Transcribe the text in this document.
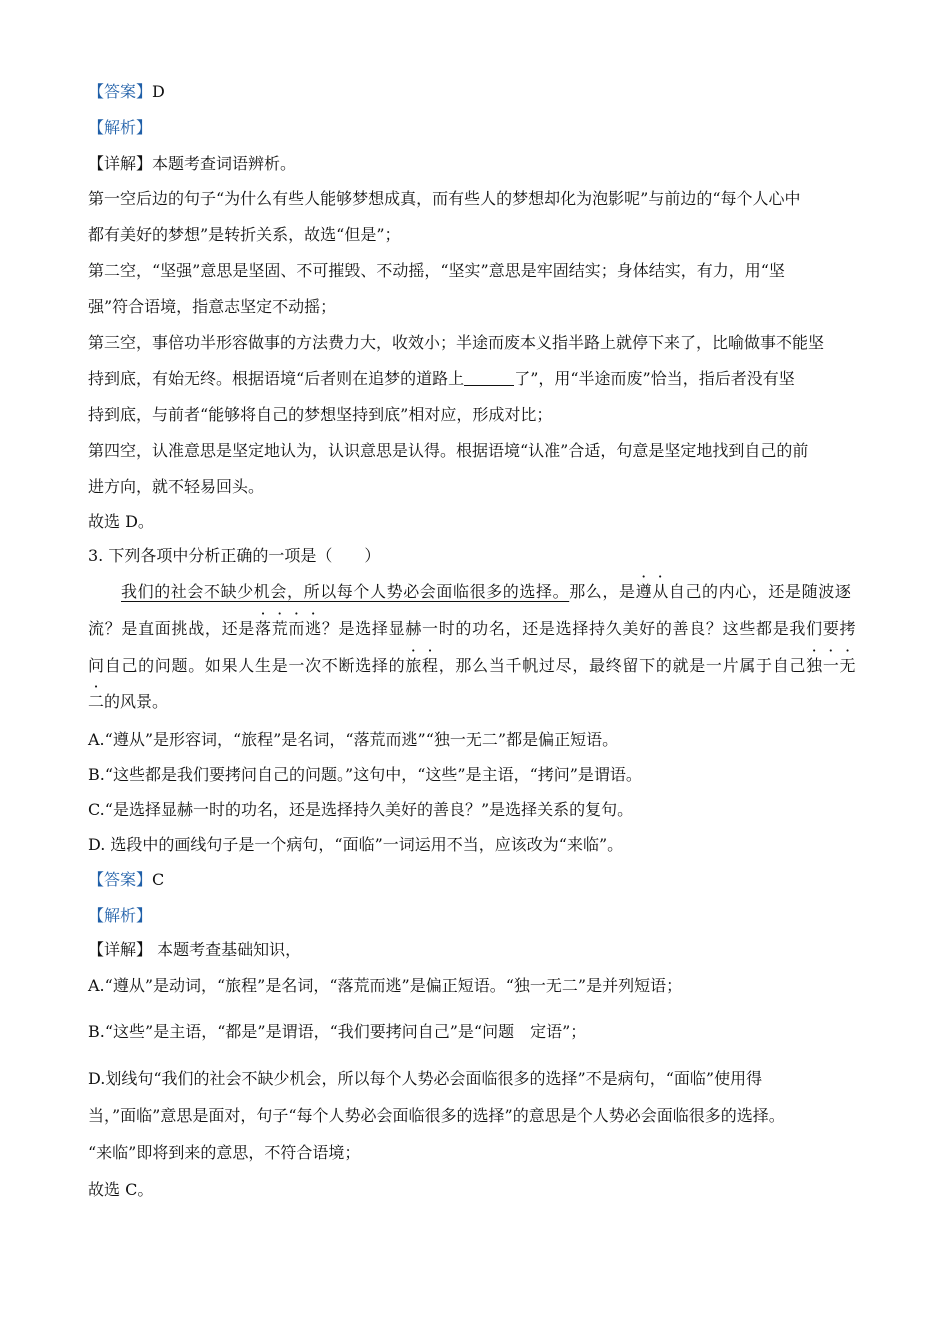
【答案】D
【解析】
【详解】本题考查词语辨析。
第一空后边的句子“为什么有些人能够梦想成真，而有些人的梦想却化为泡影呢”与前边的“每个人心中
都有美好的梦想”是转折关系，故选“但是”；
第二空，“坚强”意思是坚固、不可摧毁、不动摇，“坚实”意思是牢固结实；身体结实，有力，用“坚
强”符合语境，指意志坚定不动摇；
第三空，事倍功半形容做事的方法费力大，收效小；半途而废本义指半路上就停下来了，比喻做事不能坚
持到底，有始无终。根据语境“后者则在追梦的道路上	了”，用“半途而废”恰当，指后者没有坚
持到底，与前者“能够将自己的梦想坚持到底”相对应，形成对比；
第四空，认准意思是坚定地认为，认识意思是认得。根据语境“认准”合适，句意是坚定地找到自己的前
进方向，就不轻易回头。
故选 D。
3. 下列各项中分析正确的一项是（　　）
我们的社会不缺少机会，所以每个人势必会面临很多的选择。那么，是遵从自己的内心，还是随波逐
流？是直面挑战，还是落荒而逃？是选择显赫一时的功名，还是选择持久美好的善良？这些都是我们要拷
问自己的问题。如果人生是一次不断选择的旅程，那么当千帆过尽，最终留下的就是一片属于自己独一无
二的风景。
A.“遵从”是形容词，“旅程”是名词，“落荒而逃”“独一无二”都是偏正短语。
B.“这些都是我们要拷问自己的问题。”这句中，“这些”是主语，“拷问”是谓语。
C.“是选择显赫一时的功名，还是选择持久美好的善良？”是选择关系的复句。
D. 选段中的画线句子是一个病句，“面临”一词运用不当，应该改为“来临”。
【答案】C
【解析】
【详解】 本题考查基础知识，
A.“遵从”是动词，“旅程”是名词，“落荒而逃”是偏正短语。“独一无二”是并列短语；
B.“这些”是主语，“都是”是谓语，“我们要拷问自己”是“问题　定语”；
D.划线句“我们的社会不缺少机会，所以每个人势必会面临很多的选择”不是病句，“面临”使用得
当，”面临”意思是面对，句子“每个人势必会面临很多的选择”的意思是个人势必会面临很多的选择。
“来临”即将到来的意思，不符合语境；
故选 C。
